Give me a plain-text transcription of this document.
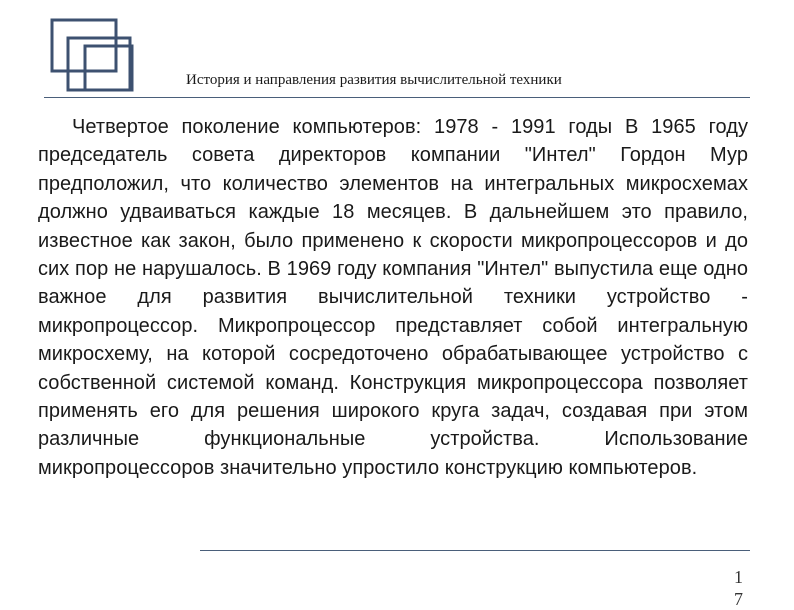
История и направления развития вычислительной техники

Четвертое поколение компьютеров: 1978 - 1991 годы В 1965 году председатель совета директоров компании "Интел" Гордон Мур предположил, что количество элементов на интегральных микросхемах должно удваиваться каждые 18 месяцев. В дальнейшем это правило, известное как закон, было применено к скорости микропроцессоров и до сих пор не нарушалось. В 1969 году компания "Интел" выпустила еще одно важное для развития вычислительной техники устройство - микропроцессор. Микропроцессор представляет собой интегральную микросхему, на которой сосредоточено обрабатывающее устройство с собственной системой команд. Конструкция микропроцессора позволяет применять его для решения широкого круга задач, создавая при этом различные функциональные устройства. Использование микропроцессоров значительно упростило конструкцию компьютеров.

17
